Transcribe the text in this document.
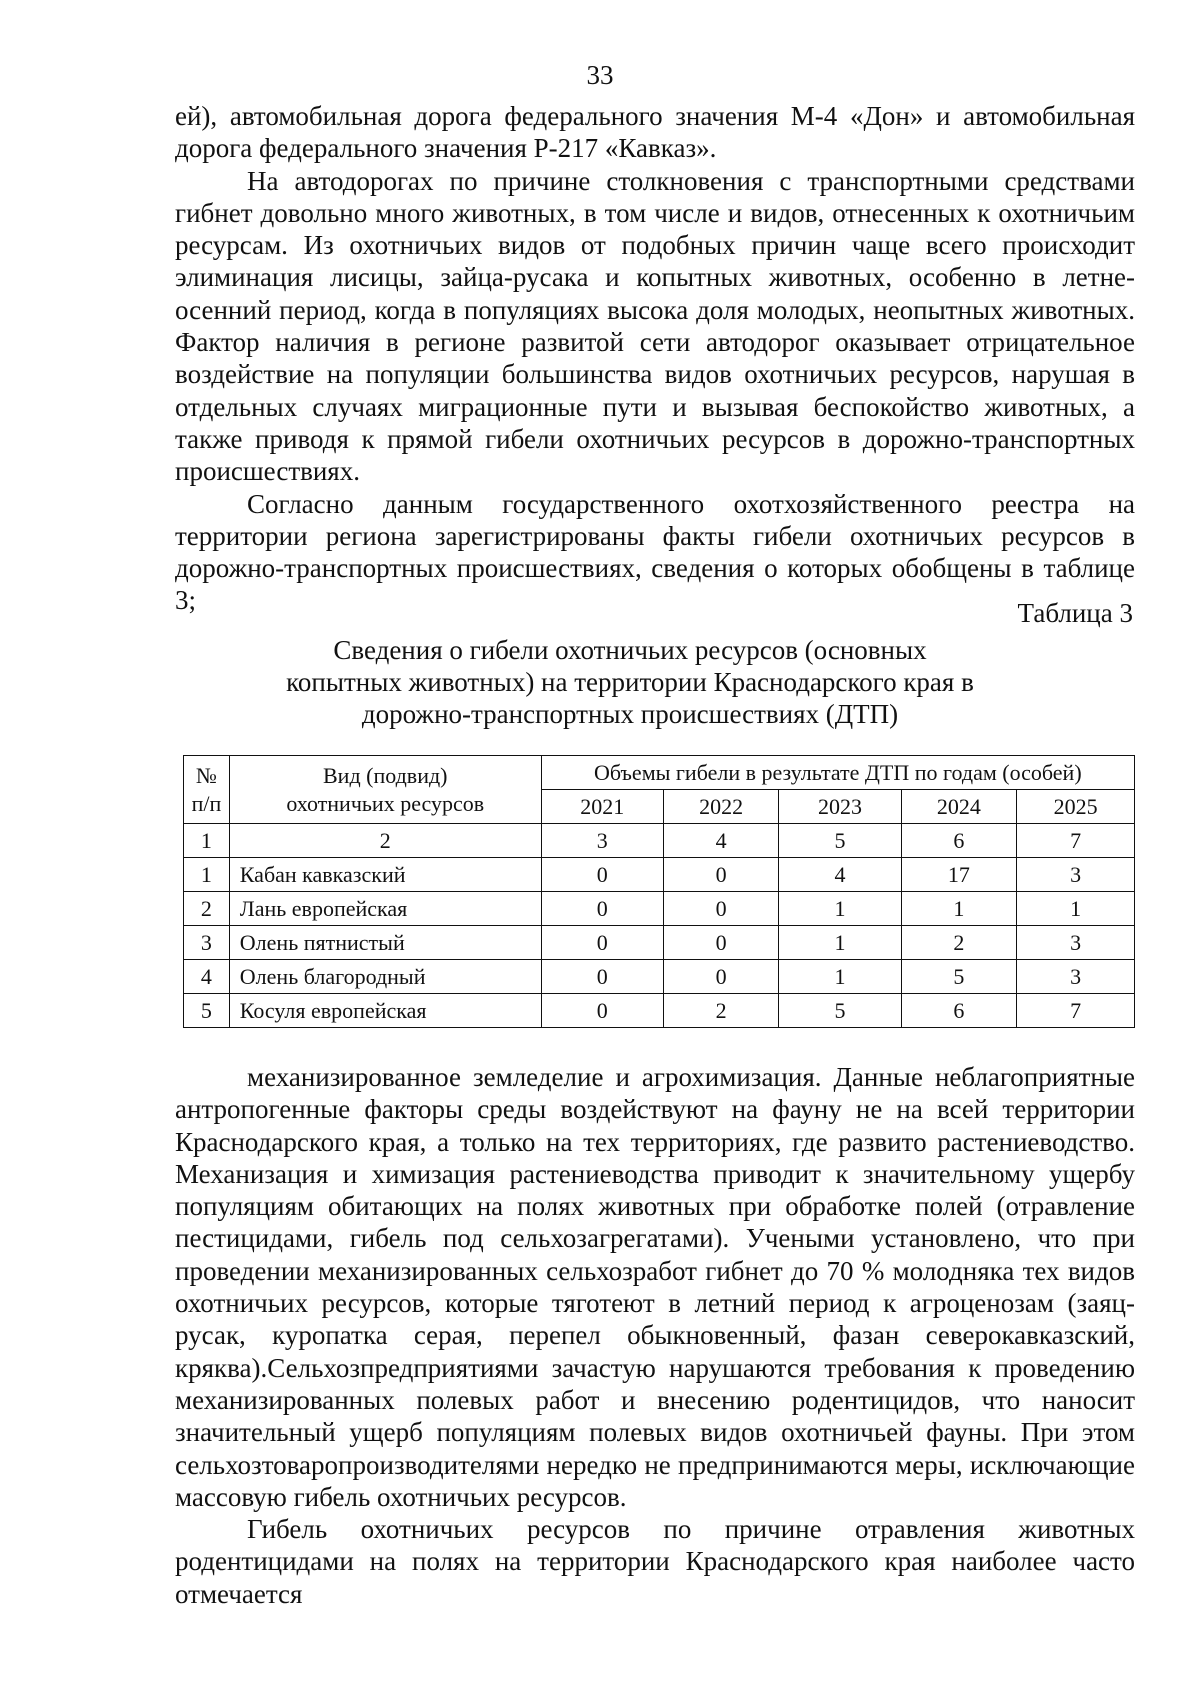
33

ей), автомобильная дорога федерального значения М-4 «Дон» и автомобильная дорога федерального значения Р-217 «Кавказ».

На автодорогах по причине столкновения с транспортными средствами гибнет довольно много животных, в том числе и видов, отнесенных к охотничьим ресурсам. Из охотничьих видов от подобных причин чаще всего происходит элиминация лисицы, зайца-русака и копытных животных, особенно в летне-осенний период, когда в популяциях высока доля молодых, неопытных животных. Фактор наличия в регионе развитой сети автодорог оказывает отрицательное воздействие на популяции большинства видов охотничьих ресурсов, нарушая в отдельных случаях миграционные пути и вызывая беспокойство животных, а также приводя к прямой гибели охотничьих ресурсов в дорожно-транспортных происшествиях.

Согласно данным государственного охотхозяйственного реестра на территории региона зарегистрированы факты гибели охотничьих ресурсов в дорожно-транспортных происшествиях, сведения о которых обобщены в таблице 3;	Таблица 3
Сведения о гибели охотничьих ресурсов (основных копытных животных) на территории Краснодарского края в дорожно-транспортных происшествиях (ДТП)
№ п/п	Вид (подвид) охотничьих ресурсов	Объемы гибели в результате ДТП по годам (особей)				
		2021	2022	2023	2024	2025
1	2	3	4	5	6	7
1	Кабан кавказский	0	0	4	17	3
2	Лань европейская	0	0	1	1	1
3	Олень пятнистый	0	0	1	2	3
4	Олень благородный	0	0	1	5	3
5	Косуля европейская	0	2	5	6	7

механизированное земледелие и агрохимизация. Данные неблагоприятные антропогенные факторы среды воздействуют на фауну не на всей территории Краснодарского края, а только на тех территориях, где развито растениеводство. Механизация и химизация растениеводства приводит к значительному ущербу популяциям обитающих на полях животных при обработке полей (отравление пестицидами, гибель под сельхозагрегатами). Учеными установлено, что при проведении механизированных сельхозработ гибнет до 70 % молодняка тех видов охотничьих ресурсов, которые тяготеют в летний период к агроценозам (заяц-русак, куропатка серая, перепел обыкновенный, фазан северокавказский, кряква).Сельхозпредприятиями зачастую нарушаются требования к проведению механизированных полевых работ и внесению родентицидов, что наносит значительный ущерб популяциям полевых видов охотничьей фауны. При этом сельхозтоваропроизводителями нередко не предпринимаются меры, исключающие массовую гибель охотничьих ресурсов.

Гибель охотничьих ресурсов по причине отравления животных родентицидами на полях на территории Краснодарского края наиболее часто отмечается
